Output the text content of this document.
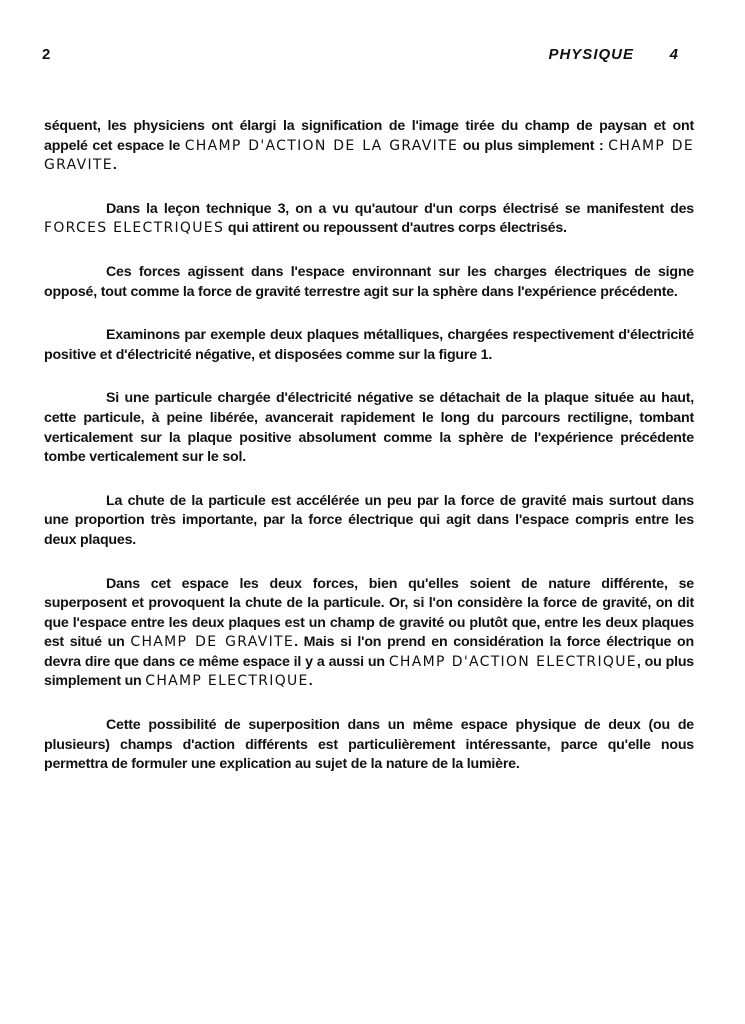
2	PHYSIQUE 4

séquent, les physiciens ont élargi la signification de l'image tirée du champ de paysan et ont appelé cet espace le CHAMP D'ACTION DE LA GRAVITE ou plus simplement : CHAMP DE GRAVITE.

Dans la leçon technique 3, on a vu qu'autour d'un corps électrisé se manifestent des FORCES ELECTRIQUES qui attirent ou repoussent d'autres corps électrisés.

Ces forces agissent dans l'espace environnant sur les charges électriques de signe opposé, tout comme la force de gravité terrestre agit sur la sphère dans l'expérience précédente.

Examinons par exemple deux plaques métalliques, chargées respectivement d'électricité positive et d'électricité négative, et disposées comme sur la figure 1.

Si une particule chargée d'électricité négative se détachait de la plaque située au haut, cette particule, à peine libérée, avancerait rapidement le long du parcours rectiligne, tombant verticalement sur la plaque positive absolument comme la sphère de l'expérience précédente tombe verticalement sur le sol.

La chute de la particule est accélérée un peu par la force de gravité mais surtout dans une proportion très importante, par la force électrique qui agit dans l'espace compris entre les deux plaques.

Dans cet espace les deux forces, bien qu'elles soient de nature différente, se superposent et provoquent la chute de la particule. Or, si l'on considère la force de gravité, on dit que l'espace entre les deux plaques est un champ de gravité ou plutôt que, entre les deux plaques est situé un CHAMP DE GRAVITE. Mais si l'on prend en considération la force électrique on devra dire que dans ce même espace il y a aussi un CHAMP D'ACTION ELECTRIQUE, ou plus simplement un CHAMP ELECTRIQUE.

Cette possibilité de superposition dans un même espace physique de deux (ou de plusieurs) champs d'action différents est particulièrement intéressante, parce qu'elle nous permettra de formuler une explication au sujet de la nature de la lumière.
